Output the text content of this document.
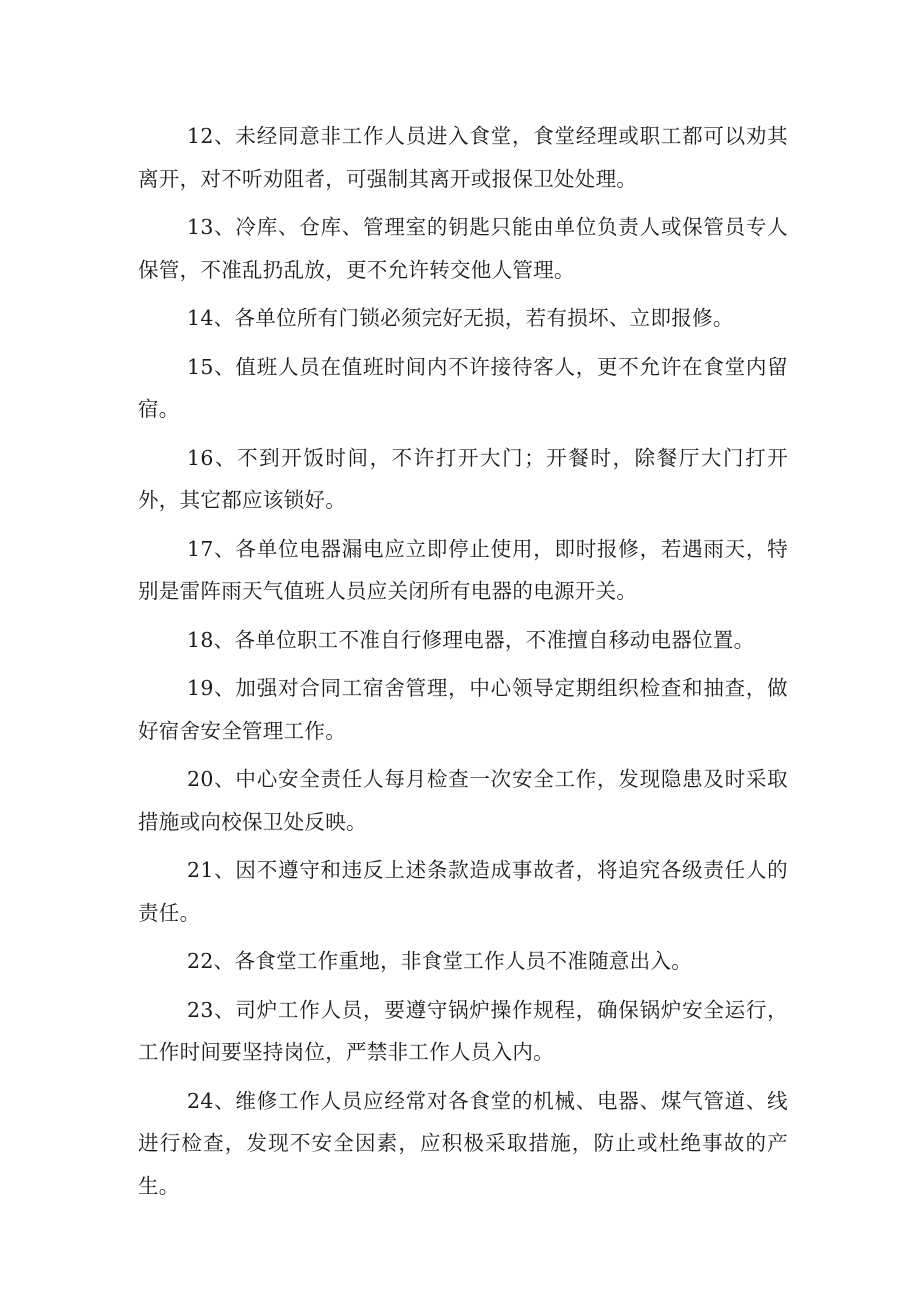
12、未经同意非工作人员进入食堂，食堂经理或职工都可以劝其离开，对不听劝阻者，可强制其离开或报保卫处处理。

13、冷库、仓库、管理室的钥匙只能由单位负责人或保管员专人保管，不准乱扔乱放，更不允许转交他人管理。

14、各单位所有门锁必须完好无损，若有损坏、立即报修。

15、值班人员在值班时间内不许接待客人，更不允许在食堂内留宿。

16、不到开饭时间，不许打开大门；开餐时，除餐厅大门打开外，其它都应该锁好。

17、各单位电器漏电应立即停止使用，即时报修，若遇雨天，特别是雷阵雨天气值班人员应关闭所有电器的电源开关。

18、各单位职工不准自行修理电器，不准擅自移动电器位置。

19、加强对合同工宿舍管理，中心领导定期组织检查和抽查，做好宿舍安全管理工作。

20、中心安全责任人每月检查一次安全工作，发现隐患及时采取措施或向校保卫处反映。

21、因不遵守和违反上述条款造成事故者，将追究各级责任人的责任。

22、各食堂工作重地，非食堂工作人员不准随意出入。

23、司炉工作人员，要遵守锅炉操作规程，确保锅炉安全运行，工作时间要坚持岗位，严禁非工作人员入内。

24、维修工作人员应经常对各食堂的机械、电器、煤气管道、线进行检查，发现不安全因素，应积极采取措施，防止或杜绝事故的产生。
